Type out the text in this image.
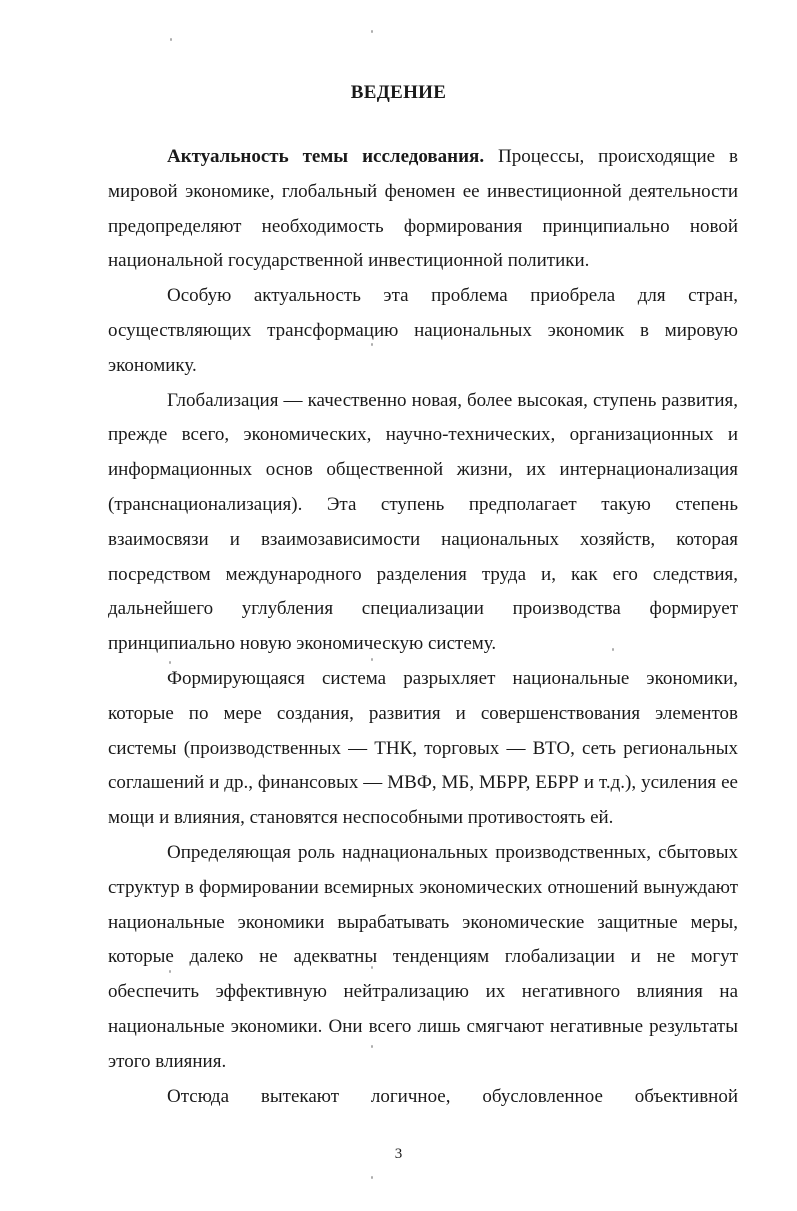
ВЕДЕНИЕ

Актуальность темы исследования. Процессы, происходящие в мировой экономике, глобальный феномен ее инвестиционной деятельности предопределяют необходимость формирования принципиально новой национальной государственной инвестиционной политики.

Особую актуальность эта проблема приобрела для стран, осуществляющих трансформацию национальных экономик в мировую экономику.

Глобализация — качественно новая, более высокая, ступень развития, прежде всего, экономических, научно-технических, организационных и информационных основ общественной жизни, их интернационализация (транснационализация). Эта ступень предполагает такую степень взаимосвязи и взаимозависимости национальных хозяйств, которая посредством международного разделения труда и, как его следствия, дальнейшего углубления специализации производства формирует принципиально новую экономическую систему.

Формирующаяся система разрыхляет национальные экономики, которые по мере создания, развития и совершенствования элементов системы (производственных — ТНК, торговых — ВТО, сеть региональных соглашений и др., финансовых — МВФ, МБ, МБРР, ЕБРР и т.д.), усиления ее мощи и влияния, становятся неспособными противостоять ей.

Определяющая роль наднациональных производственных, сбытовых структур в формировании всемирных экономических отношений вынуждают национальные экономики вырабатывать экономические защитные меры, которые далеко не адекватны тенденциям глобализации и не могут обеспечить эффективную нейтрализацию их негативного влияния на национальные экономики. Они всего лишь смягчают негативные результаты этого влияния.

Отсюда вытекают логичное, обусловленное объективной

3
